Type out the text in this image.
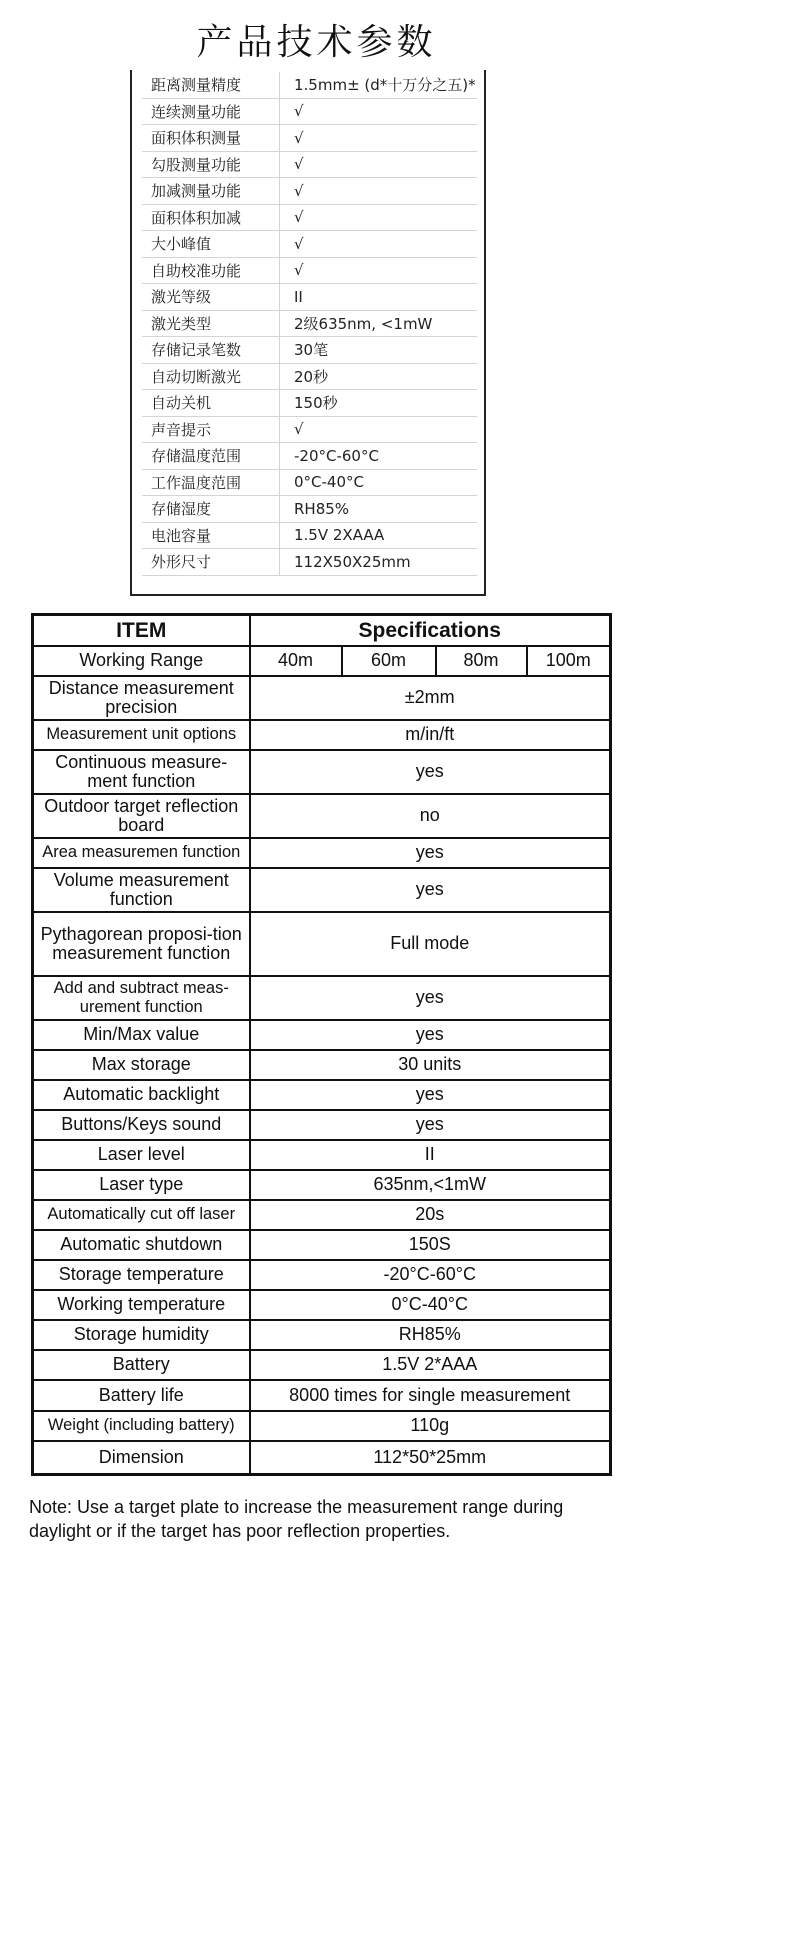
产品技术参数
距离测量精度	1.5mm± (d*十万分之五)*
连续测量功能	√
面积体积测量	√
勾股测量功能	√
加减测量功能	√
面积体积加减	√
大小峰值	√
自助校准功能	√
激光等级	II
激光类型	2级635nm, <1mW
存储记录笔数	30笔
自动切断激光	20秒
自动关机	150秒
声音提示	√
存储温度范围	-20°C-60°C
工作温度范围	0°C-40°C
存储湿度	RH85%
电池容量	1.5V 2XAAA
外形尺寸	112X50X25mm
ITEM	Specifications			
Working Range	40m	60m	80m	100m
Distance measurement precision	±2mm			
Measurement unit options	m/in/ft			
Continuous measure-ment function	yes			
Outdoor target reflection board	no			
Area measuremen function	yes			
Volume measurement function	yes			
Pythagorean proposi-tion measurement function	Full mode			
Add and subtract meas-urement function	yes			
Min/Max value	yes			
Max storage	30 units			
Automatic backlight	yes			
Buttons/Keys sound	yes			
Laser level	II			
Laser type	635nm,<1mW			
Automatically cut off laser	20s			
Automatic shutdown	150S			
Storage temperature	-20°C-60°C			
Working temperature	0°C-40°C			
Storage humidity	RH85%			
Battery	1.5V 2*AAA			
Battery life	8000 times for single measurement			
Weight (including battery)	110g			
Dimension	112*50*25mm			
Note: Use a target plate to increase the measurement range during daylight or if the target has poor reflection properties.
